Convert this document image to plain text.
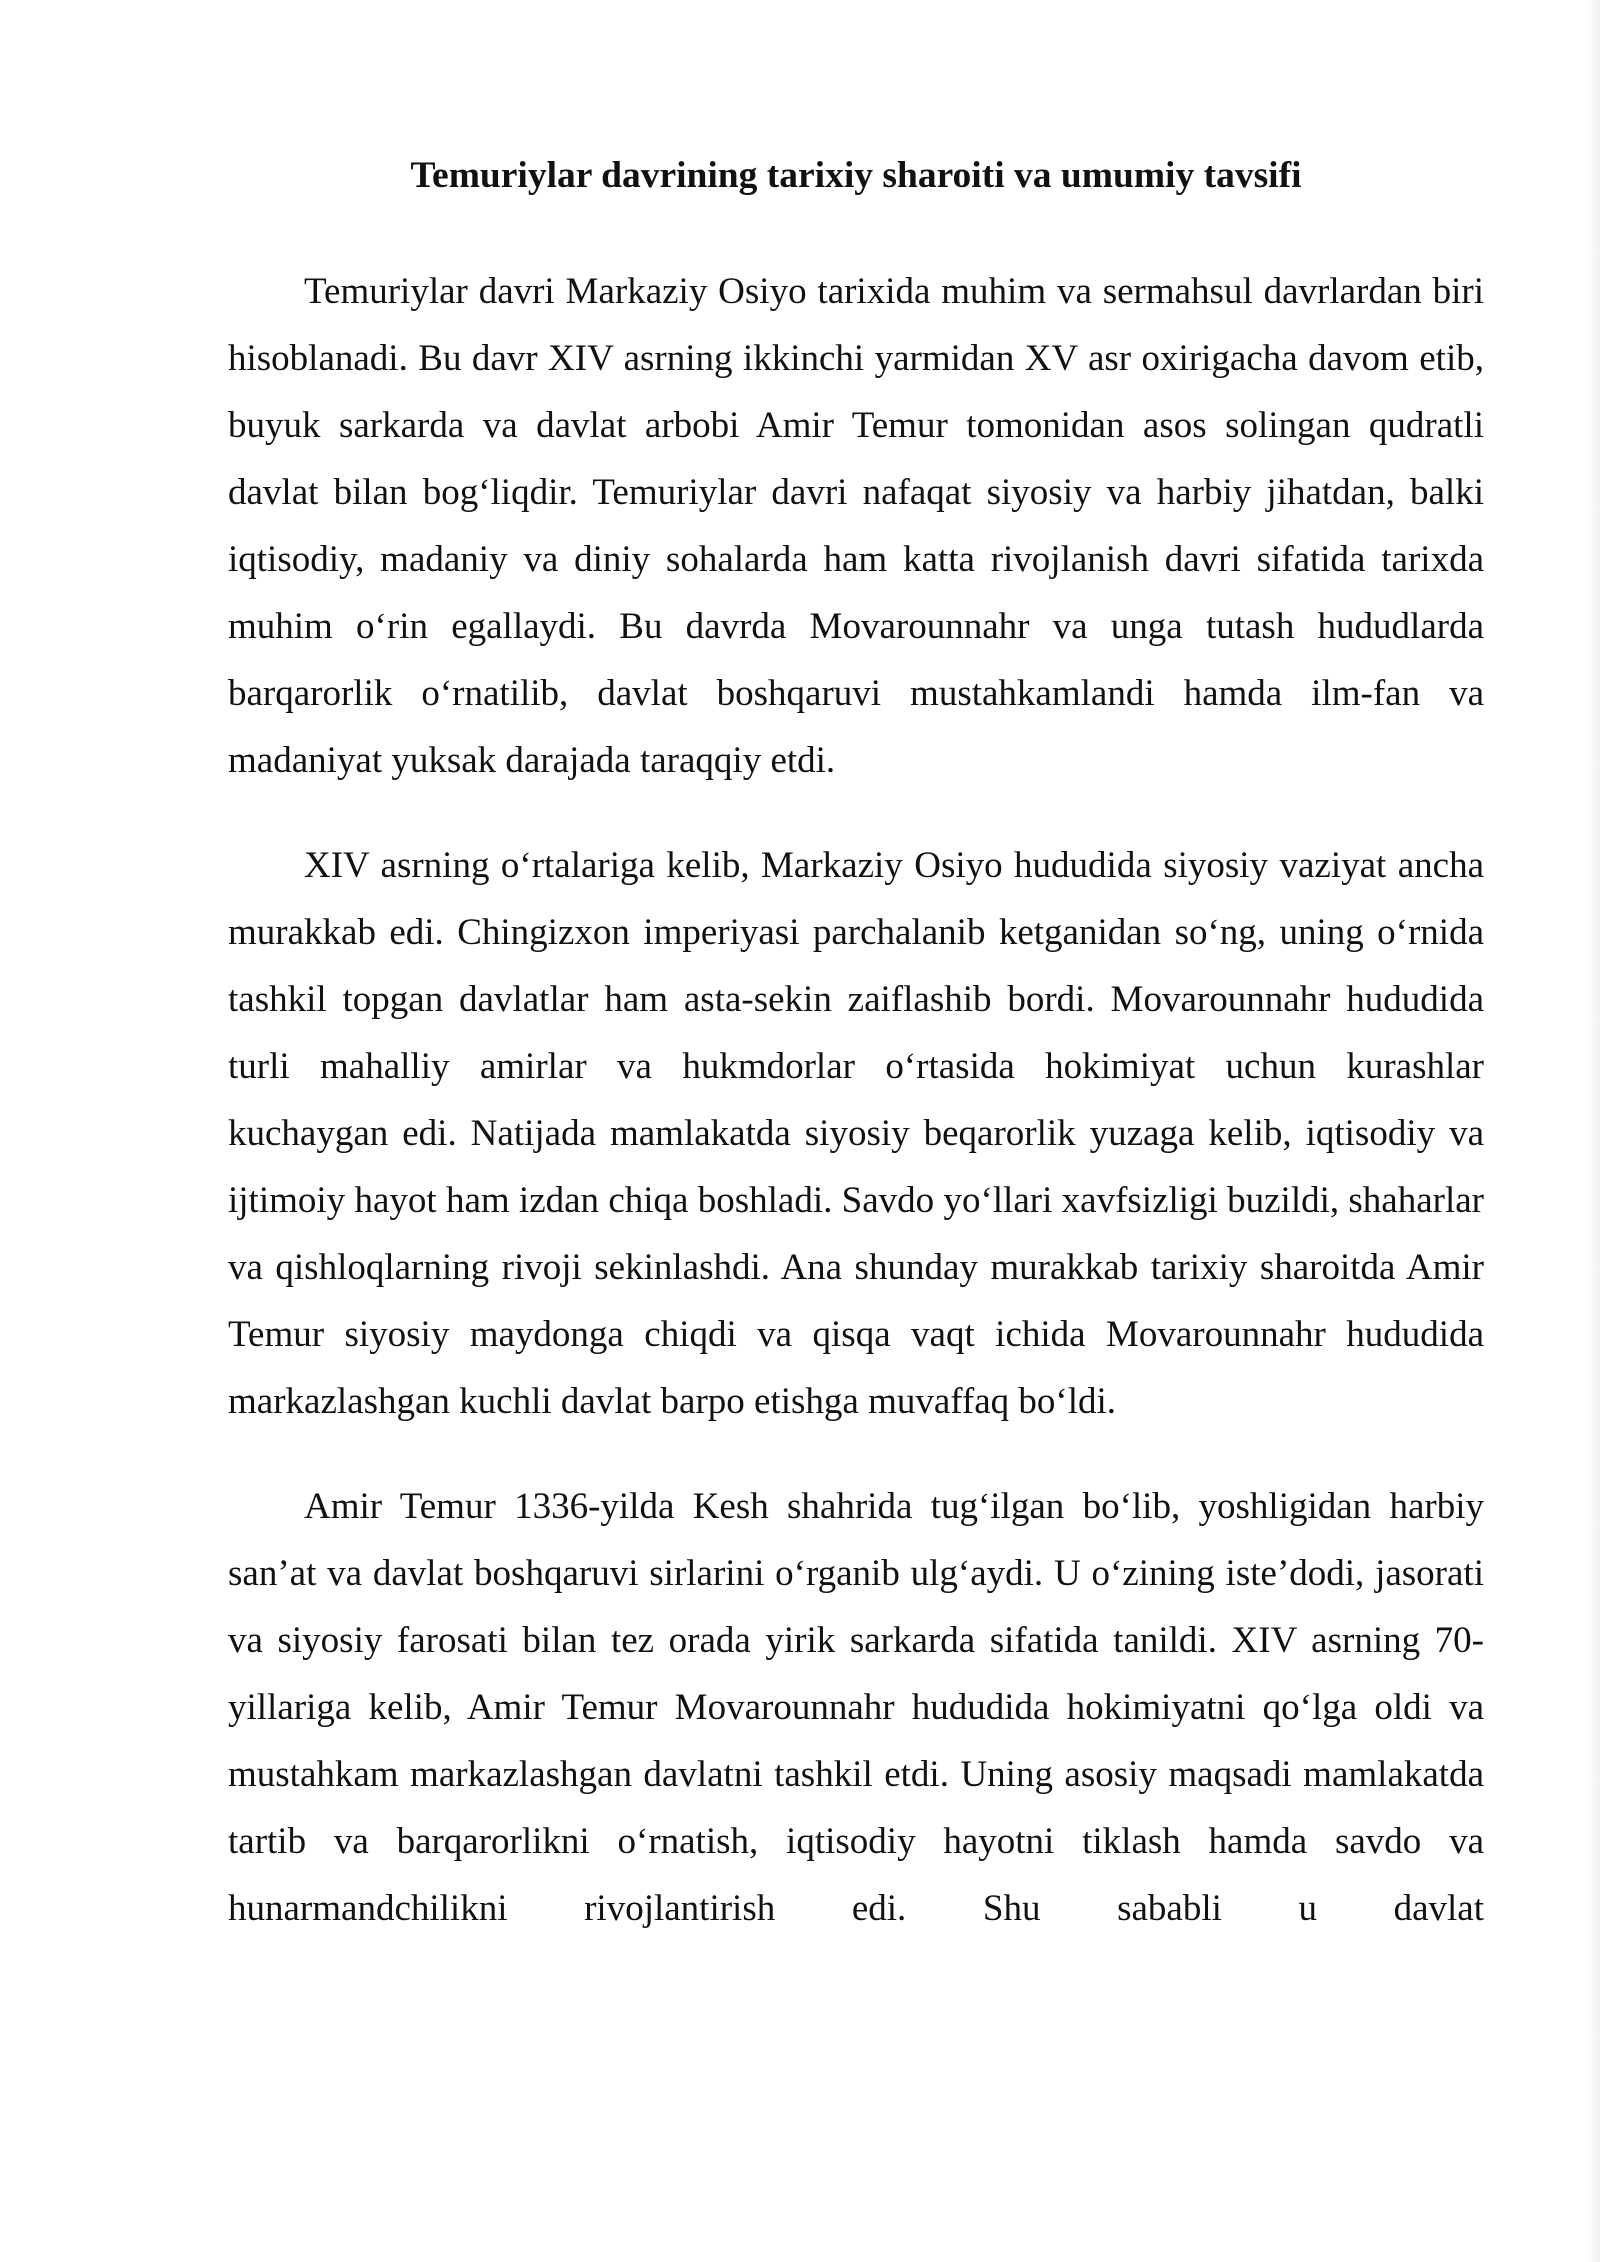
Temuriylar davrining tarixiy sharoiti va umumiy tavsifi

Temuriylar davri Markaziy Osiyo tarixida muhim va sermahsul davrlardan biri hisoblanadi. Bu davr XIV asrning ikkinchi yarmidan XV asr oxirigacha davom etib, buyuk sarkarda va davlat arbobi Amir Temur tomonidan asos solingan qudratli davlat bilan bog‘liqdir. Temuriylar davri nafaqat siyosiy va harbiy jihatdan, balki iqtisodiy, madaniy va diniy sohalarda ham katta rivojlanish davri sifatida tarixda muhim o‘rin egallaydi. Bu davrda Movarounnahr va unga tutash hududlarda barqarorlik o‘rnatilib, davlat boshqaruvi mustahkamlandi hamda ilm-fan va madaniyat yuksak darajada taraqqiy etdi.

XIV asrning o‘rtalariga kelib, Markaziy Osiyo hududida siyosiy vaziyat ancha murakkab edi. Chingizxon imperiyasi parchalanib ketganidan so‘ng, uning o‘rnida tashkil topgan davlatlar ham asta-sekin zaiflashib bordi. Movarounnahr hududida turli mahalliy amirlar va hukmdorlar o‘rtasida hokimiyat uchun kurashlar kuchaygan edi. Natijada mamlakatda siyosiy beqarorlik yuzaga kelib, iqtisodiy va ijtimoiy hayot ham izdan chiqa boshladi. Savdo yo‘llari xavfsizligi buzildi, shaharlar va qishloqlarning rivoji sekinlashdi. Ana shunday murakkab tarixiy sharoitda Amir Temur siyosiy maydonga chiqdi va qisqa vaqt ichida Movarounnahr hududida markazlashgan kuchli davlat barpo etishga muvaffaq bo‘ldi.

Amir Temur 1336-yilda Kesh shahrida tug‘ilgan bo‘lib, yoshligidan harbiy san’at va davlat boshqaruvi sirlarini o‘rganib ulg‘aydi. U o‘zining iste’dodi, jasorati va siyosiy farosati bilan tez orada yirik sarkarda sifatida tanildi. XIV asrning 70-yillariga kelib, Amir Temur Movarounnahr hududida hokimiyatni qo‘lga oldi va mustahkam markazlashgan davlatni tashkil etdi. Uning asosiy maqsadi mamlakatda tartib va barqarorlikni o‘rnatish, iqtisodiy hayotni tiklash hamda savdo va hunarmandchilikni rivojlantirish edi. Shu sababli u davlat
